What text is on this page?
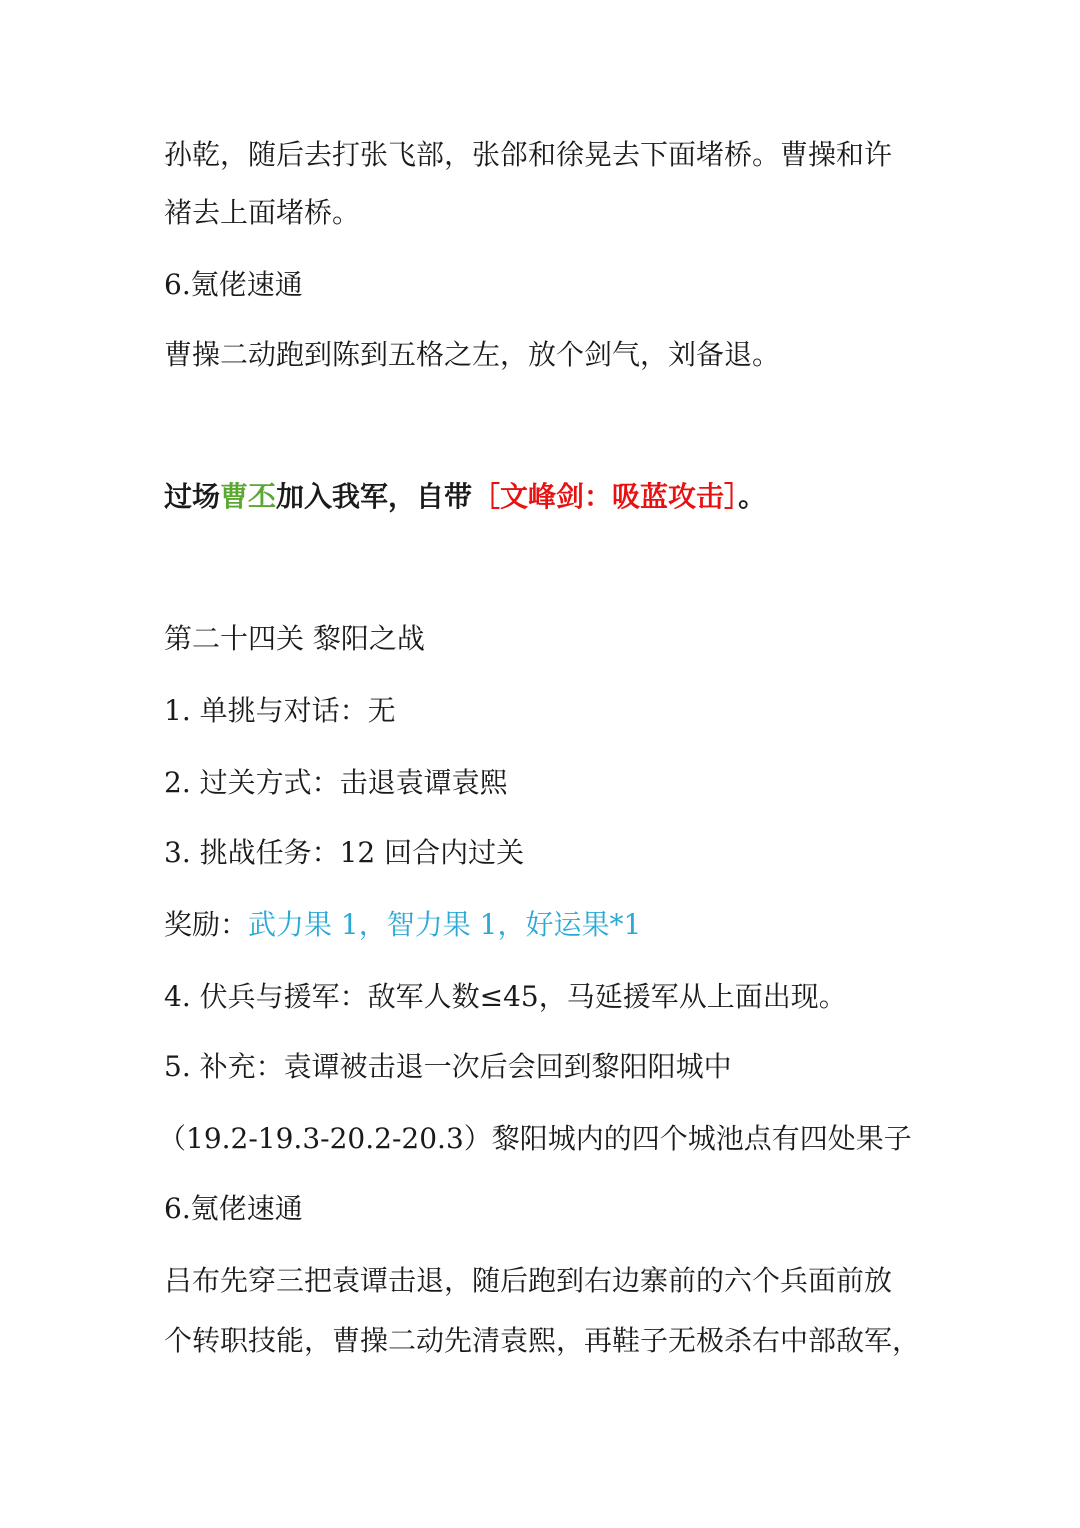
孙乾，随后去打张飞部，张郃和徐晃去下面堵桥。曹操和许
褚去上面堵桥。
6.氪佬速通
曹操二动跑到陈到五格之左，放个剑气，刘备退。
过场曹丕加入我军，自带［文峰剑：吸蓝攻击］。
第二十四关 黎阳之战
1. 单挑与对话：无
2. 过关方式：击退袁谭袁熙
3. 挑战任务：12 回合内过关
奖励：武力果 1，智力果 1，好运果*1
4. 伏兵与援军：敌军人数≤45，马延援军从上面出现。
5. 补充：袁谭被击退一次后会回到黎阳阳城中
（19.2-19.3-20.2-20.3）黎阳城内的四个城池点有四处果子
6.氪佬速通
吕布先穿三把袁谭击退，随后跑到右边寨前的六个兵面前放
个转职技能，曹操二动先清袁熙，再鞋子无极杀右中部敌军，
